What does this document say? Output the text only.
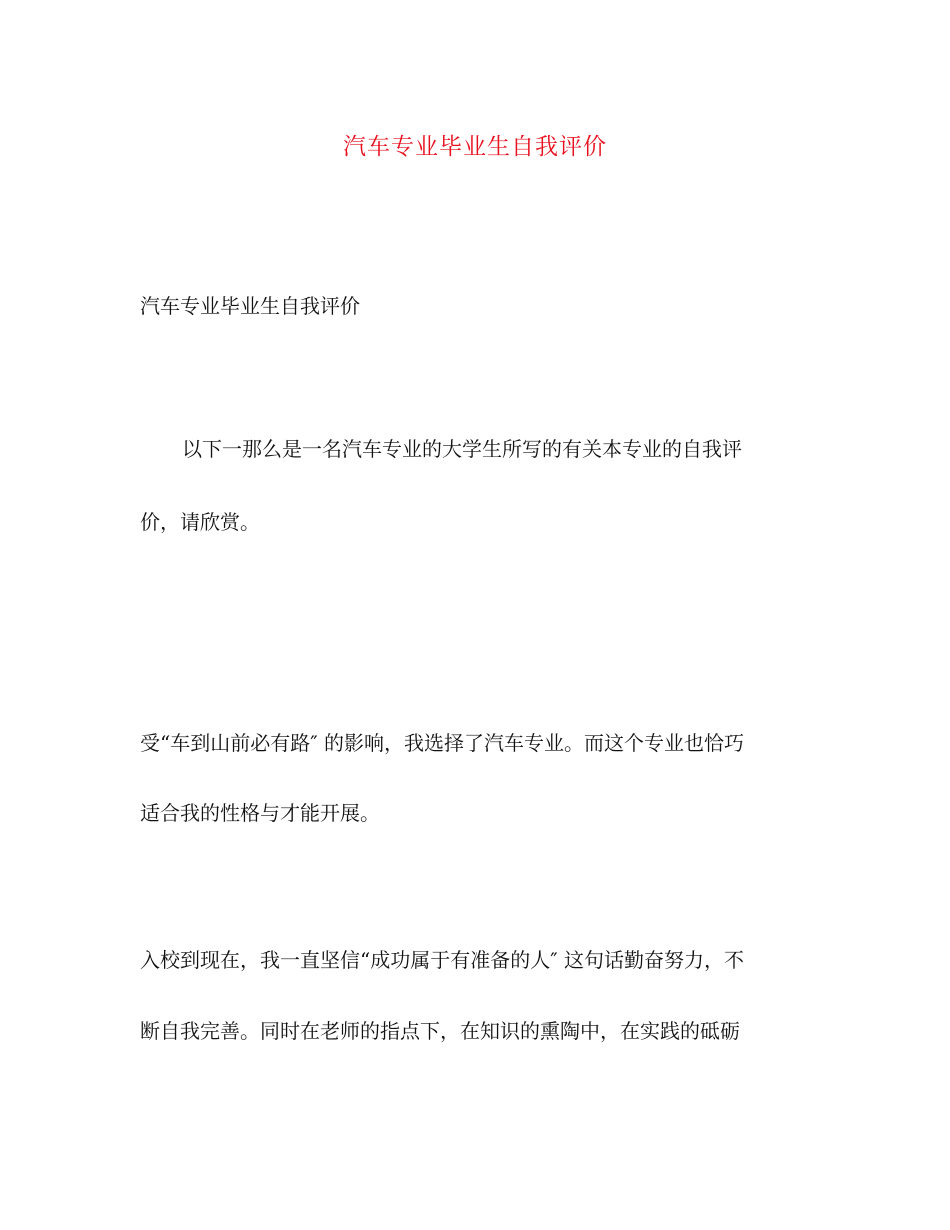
汽车专业毕业生自我评价
汽车专业毕业生自我评价
以下一那么是一名汽车专业的大学生所写的有关本专业的自我评
价，请欣赏。
受“车到山前必有路″ 的影响，我选择了汽车专业。而这个专业也恰巧
适合我的性格与才能开展。
入校到现在，我一直坚信“成功属于有准备的人″ 这句话勤奋努力，不
断自我完善。同时在老师的指点下，在知识的熏陶中，在实践的砥砺
